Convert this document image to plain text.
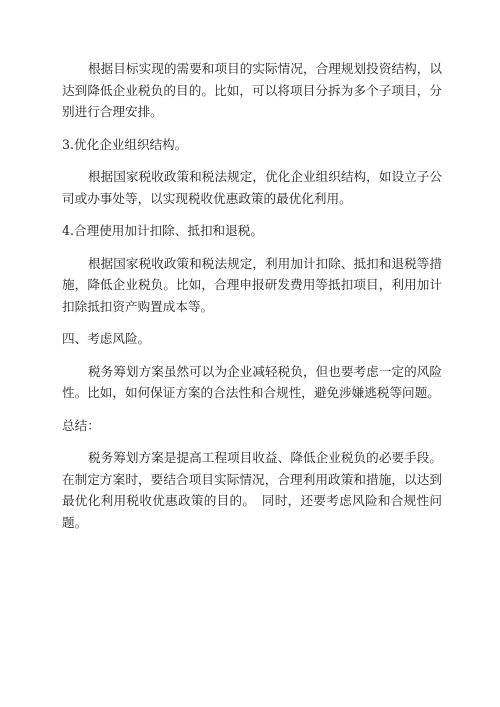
根据目标实现的需要和项目的实际情况，合理规划投资结构，以达到降低企业税负的目的。比如，可以将项目分拆为多个子项目，分别进行合理安排。

3.优化企业组织结构。

根据国家税收政策和税法规定，优化企业组织结构，如设立子公司或办事处等，以实现税收优惠政策的最优化利用。

4.合理使用加计扣除、抵扣和退税。

根据国家税收政策和税法规定，利用加计扣除、抵扣和退税等措施，降低企业税负。比如，合理申报研发费用等抵扣项目，利用加计扣除抵扣资产购置成本等。

四、考虑风险。

税务筹划方案虽然可以为企业减轻税负，但也要考虑一定的风险性。比如，如何保证方案的合法性和合规性，避免涉嫌逃税等问题。

总结：

税务筹划方案是提高工程项目收益、降低企业税负的必要手段。在制定方案时，要结合项目实际情况，合理利用政策和措施，以达到最优化利用税收优惠政策的目的。　同时，还要考虑风险和合规性问题。
